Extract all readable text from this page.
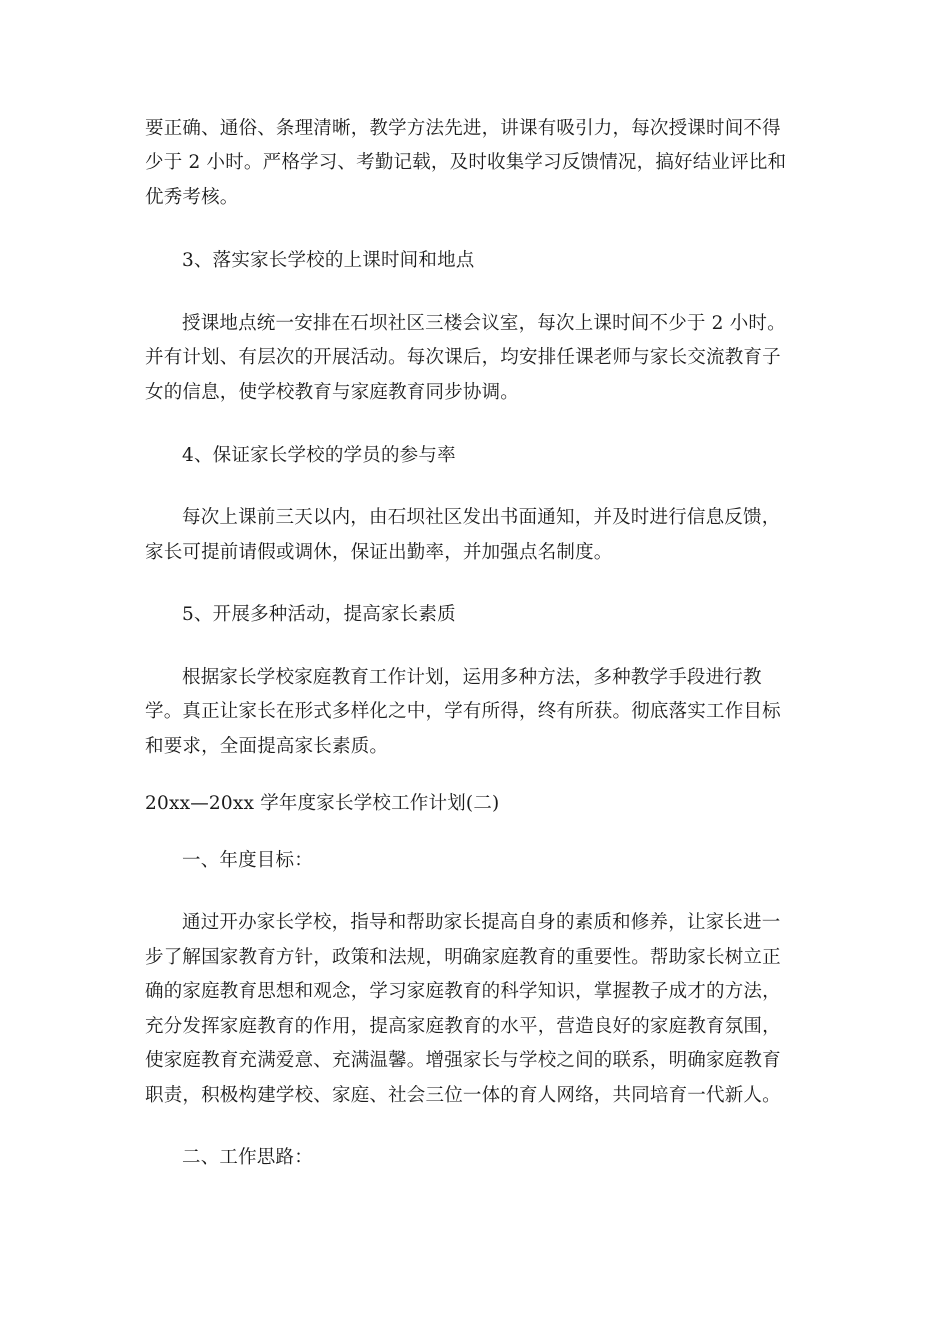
要正确、通俗、条理清晰，教学方法先进，讲课有吸引力，每次授课时间不得
少于 2 小时。严格学习、考勤记载，及时收集学习反馈情况，搞好结业评比和
优秀考核。
3、落实家长学校的上课时间和地点
授课地点统一安排在石坝社区三楼会议室，每次上课时间不少于 2 小时。
并有计划、有层次的开展活动。每次课后，均安排任课老师与家长交流教育子
女的信息，使学校教育与家庭教育同步协调。
4、保证家长学校的学员的参与率
每次上课前三天以内，由石坝社区发出书面通知，并及时进行信息反馈，
家长可提前请假或调休，保证出勤率，并加强点名制度。
5、开展多种活动，提高家长素质
根据家长学校家庭教育工作计划，运用多种方法，多种教学手段进行教
学。真正让家长在形式多样化之中，学有所得，终有所获。彻底落实工作目标
和要求，全面提高家长素质。
20xx—20xx 学年度家长学校工作计划(二)
一、年度目标：
通过开办家长学校，指导和帮助家长提高自身的素质和修养，让家长进一
步了解国家教育方针，政策和法规，明确家庭教育的重要性。帮助家长树立正
确的家庭教育思想和观念，学习家庭教育的科学知识，掌握教子成才的方法，
充分发挥家庭教育的作用，提高家庭教育的水平，营造良好的家庭教育氛围，
使家庭教育充满爱意、充满温馨。增强家长与学校之间的联系，明确家庭教育
职责，积极构建学校、家庭、社会三位一体的育人网络，共同培育一代新人。
二、工作思路：
